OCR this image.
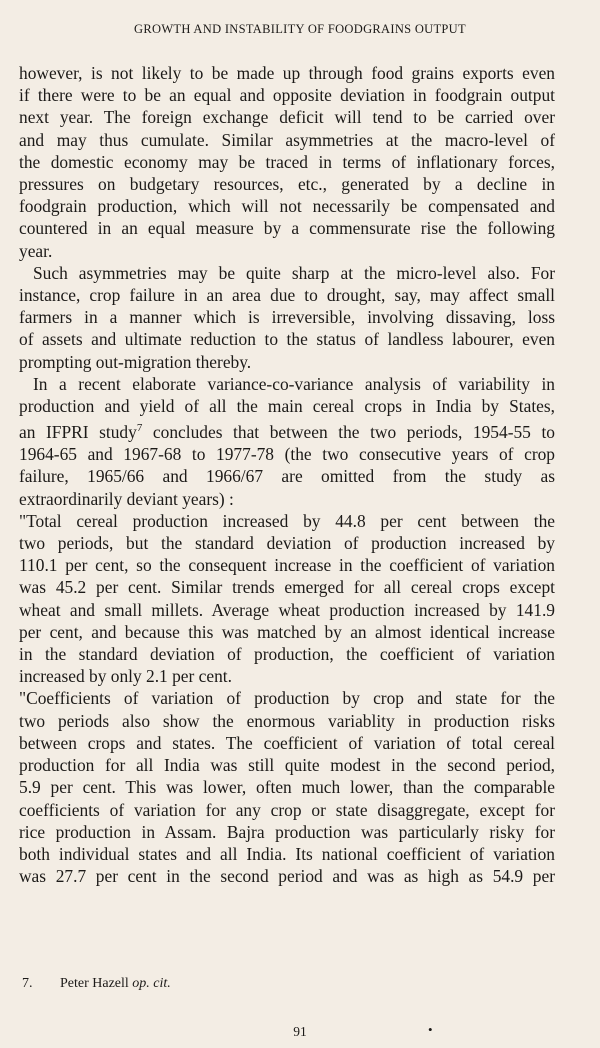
GROWTH AND INSTABILITY OF FOODGRAINS OUTPUT
however, is not likely to be made up through food grains exports even
if there were to be an equal and opposite deviation in foodgrain output
next year. The foreign exchange deficit will tend to be carried over
and may thus cumulate. Similar asymmetries at the macro-level of
the domestic economy may be traced in terms of inflationary forces,
pressures on budgetary resources, etc., generated by a decline in
foodgrain production, which will not necessarily be compensated and
countered in an equal measure by a commensurate rise the following
year.
Such asymmetries may be quite sharp at the micro-level also. For
instance, crop failure in an area due to drought, say, may affect small
farmers in a manner which is irreversible, involving dissaving, loss
of assets and ultimate reduction to the status of landless labourer, even
prompting out-migration thereby.
In a recent elaborate variance-co-variance analysis of variability in
production and yield of all the main cereal crops in India by States,
an IFPRI study$^7$ concludes that between the two periods, 1954-55 to
1964-65 and 1967-68 to 1977-78 (the two consecutive years of crop
failure, 1965/66 and 1966/67 are omitted from the study as
extraordinarily deviant years) :
"Total cereal production increased by 44.8 per cent between the
two periods, but the standard deviation of production increased by
110.1 per cent, so the consequent increase in the coefficient of variation
was 45.2 per cent. Similar trends emerged for all cereal crops except
wheat and small millets. Average wheat production increased by 141.9
per cent, and because this was matched by an almost identical increase
in the standard deviation of production, the coefficient of variation
increased by only 2.1 per cent.
"Coefficients of variation of production by crop and state for the
two periods also show the enormous variablity in production risks
between crops and states. The coefficient of variation of total cereal
production for all India was still quite modest in the second period,
5.9 per cent. This was lower, often much lower, than the comparable
coefficients of variation for any crop or state disaggregate, except for
rice production in Assam. Bajra production was particularly risky for
both individual states and all India. Its national coefficient of variation
was 27.7 per cent in the second period and was as high as 54.9 per
7. Peter Hazell op. cit.
91	•
